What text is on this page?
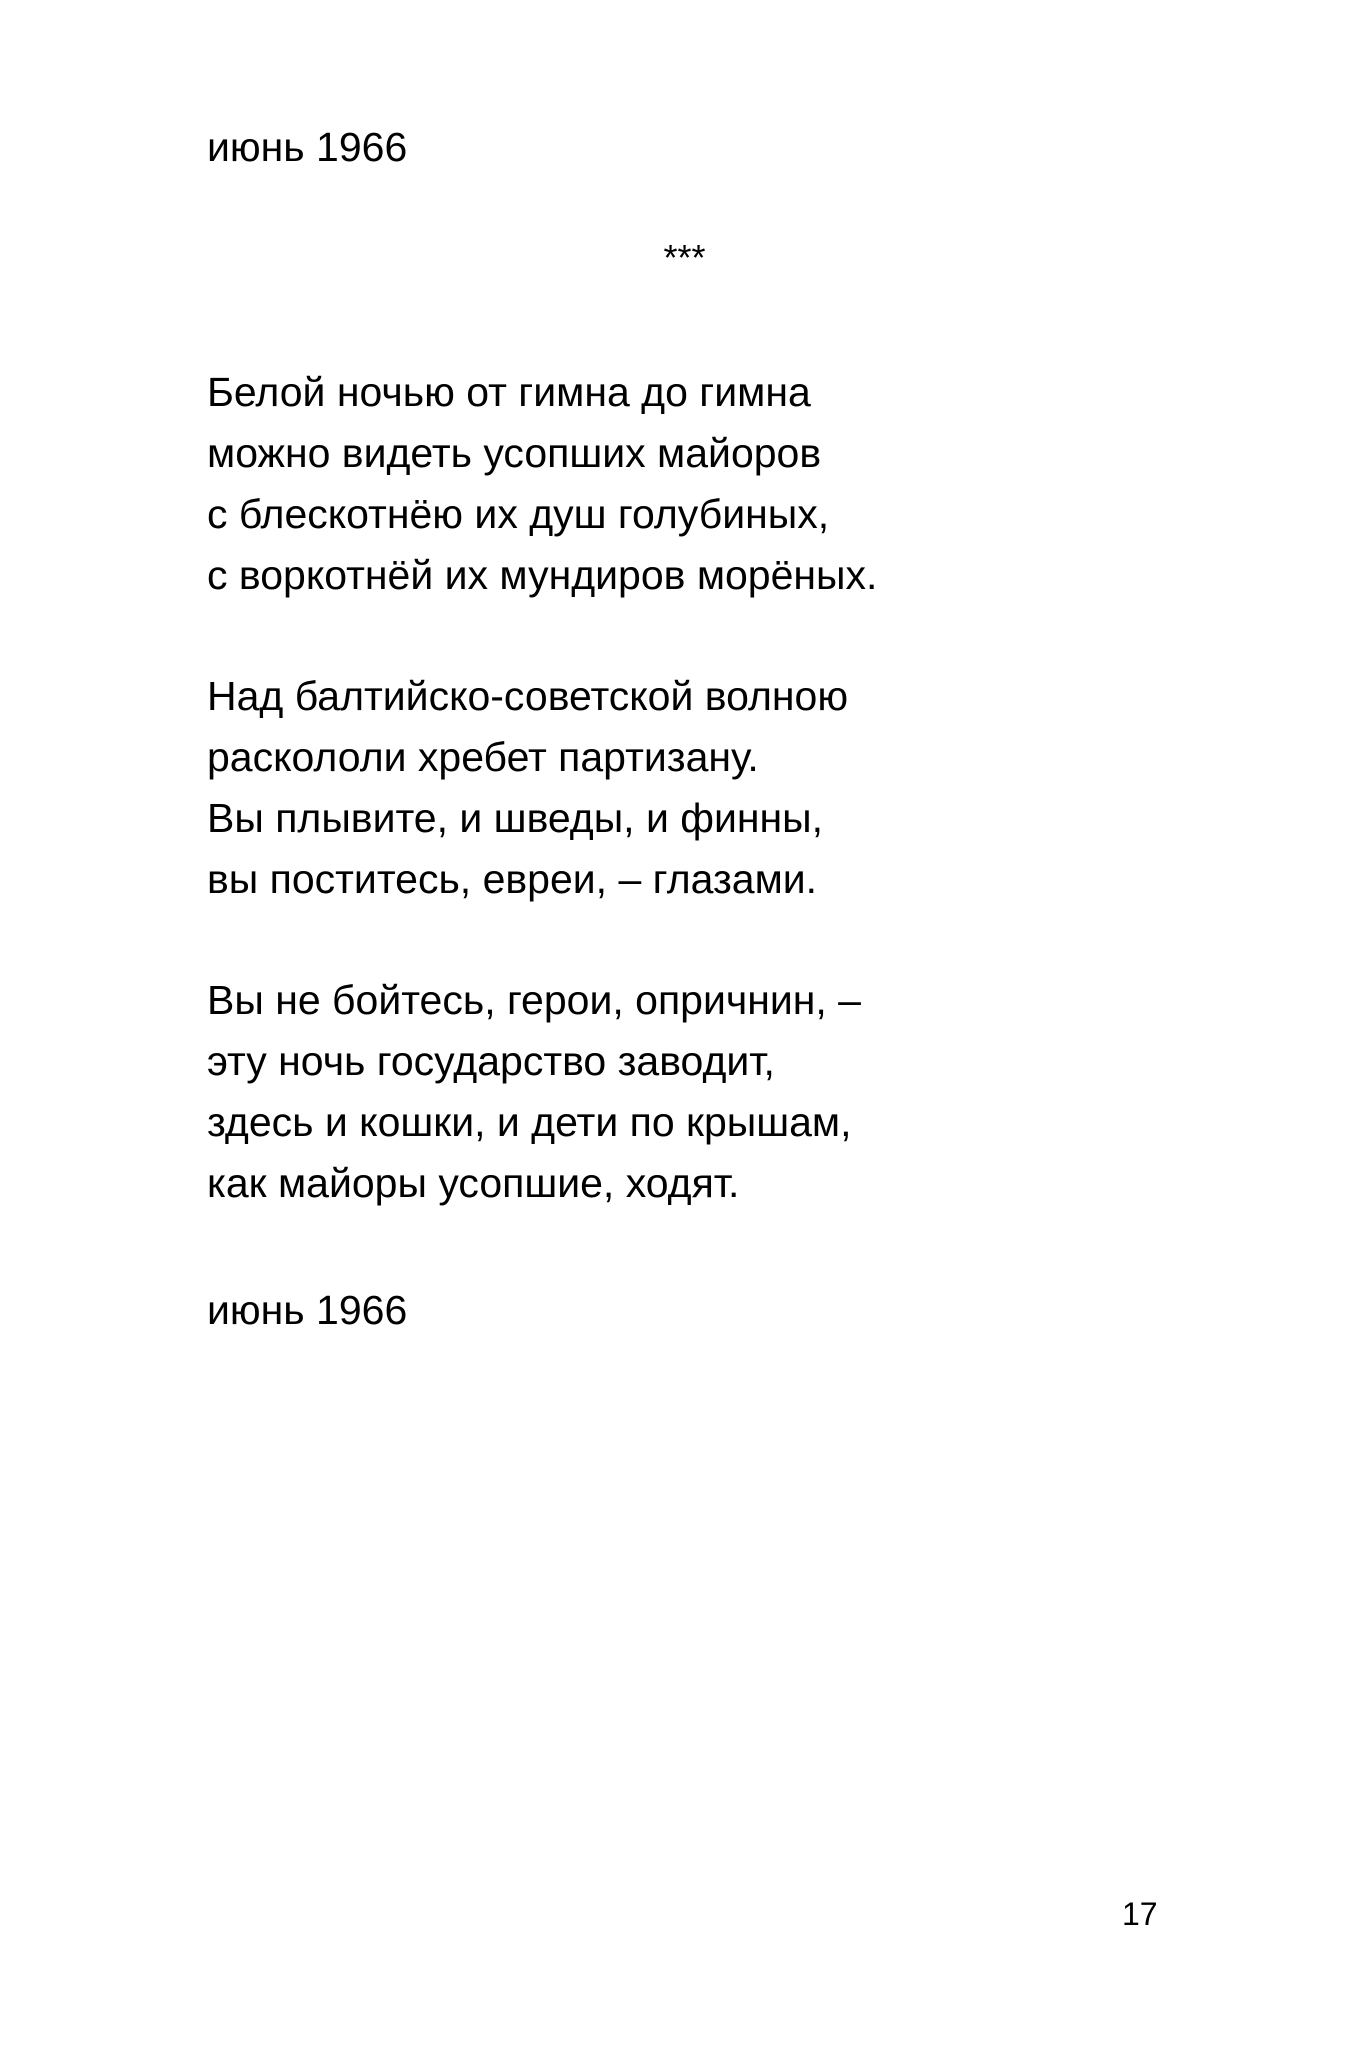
июнь 1966

***

Белой ночью от гимна до гимна
можно видеть усопших майоров
с блескотнёю их душ голубиных,
с воркотнёй их мундиров морёных.
Над балтийско-советской волною
раскололи хребет партизану.
Вы плывите, и шведы, и финны,
вы поститесь, евреи, – глазами.
Вы не бойтесь, герои, опричнин, –
эту ночь государство заводит,
здесь и кошки, и дети по крышам,
как майоры усопшие, ходят.

июнь 1966

17
